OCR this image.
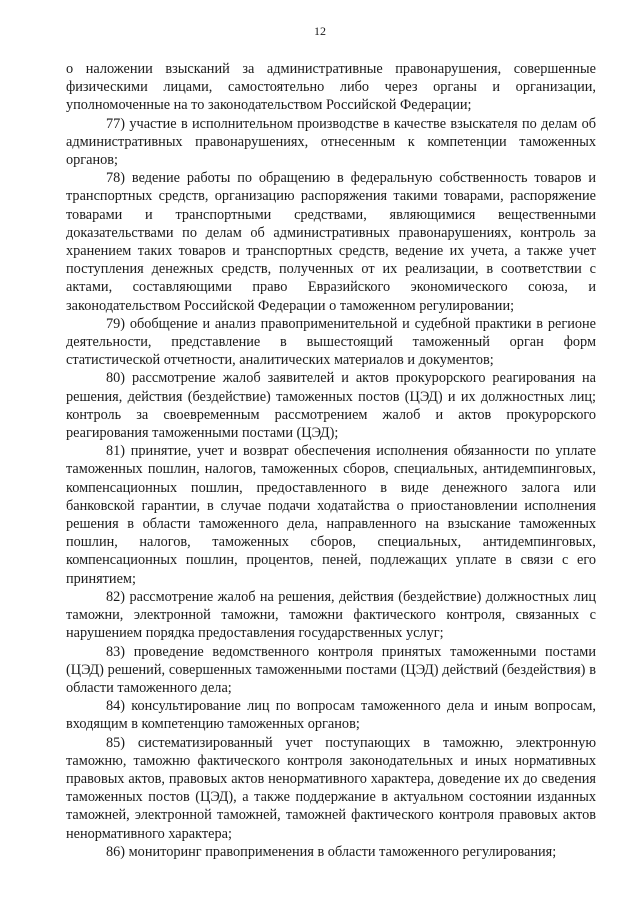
12

о наложении взысканий за административные правонарушения, совершенные физическими лицами, самостоятельно либо через органы и организации, уполномоченные на то законодательством Российской Федерации;

77) участие в исполнительном производстве в качестве взыскателя по делам об административных правонарушениях, отнесенным к компетенции таможенных органов;

78) ведение работы по обращению в федеральную собственность товаров и транспортных средств, организацию распоряжения такими товарами, распоряжение товарами и транспортными средствами, являющимися вещественными доказательствами по делам об административных правонарушениях, контроль за хранением таких товаров и транспортных средств, ведение их учета, а также учет поступления денежных средств, полученных от их реализации, в соответствии с актами, составляющими право Евразийского экономического союза, и законодательством Российской Федерации о таможенном регулировании;

79) обобщение и анализ правоприменительной и судебной практики в регионе деятельности, представление в вышестоящий таможенный орган форм статистической отчетности, аналитических материалов и документов;

80) рассмотрение жалоб заявителей и актов прокурорского реагирования на решения, действия (бездействие) таможенных постов (ЦЭД) и их должностных лиц; контроль за своевременным рассмотрением жалоб и актов прокурорского реагирования таможенными постами (ЦЭД);

81) принятие, учет и возврат обеспечения исполнения обязанности по уплате таможенных пошлин, налогов, таможенных сборов, специальных, антидемпинговых, компенсационных пошлин, предоставленного в виде денежного залога или банковской гарантии, в случае подачи ходатайства о приостановлении исполнения решения в области таможенного дела, направленного на взыскание таможенных пошлин, налогов, таможенных сборов, специальных, антидемпинговых, компенсационных пошлин, процентов, пеней, подлежащих уплате в связи с его принятием;

82) рассмотрение жалоб на решения, действия (бездействие) должностных лиц таможни, электронной таможни, таможни фактического контроля, связанных с нарушением порядка предоставления государственных услуг;

83) проведение ведомственного контроля принятых таможенными постами (ЦЭД) решений, совершенных таможенными постами (ЦЭД) действий (бездействия) в области таможенного дела;

84) консультирование лиц по вопросам таможенного дела и иным вопросам, входящим в компетенцию таможенных органов;

85) систематизированный учет поступающих в таможню, электронную таможню, таможню фактического контроля законодательных и иных нормативных правовых актов, правовых актов ненормативного характера, доведение их до сведения таможенных постов (ЦЭД), а также поддержание в актуальном состоянии изданных таможней, электронной таможней, таможней фактического контроля правовых актов ненормативного характера;

86) мониторинг правоприменения в области таможенного регулирования;
